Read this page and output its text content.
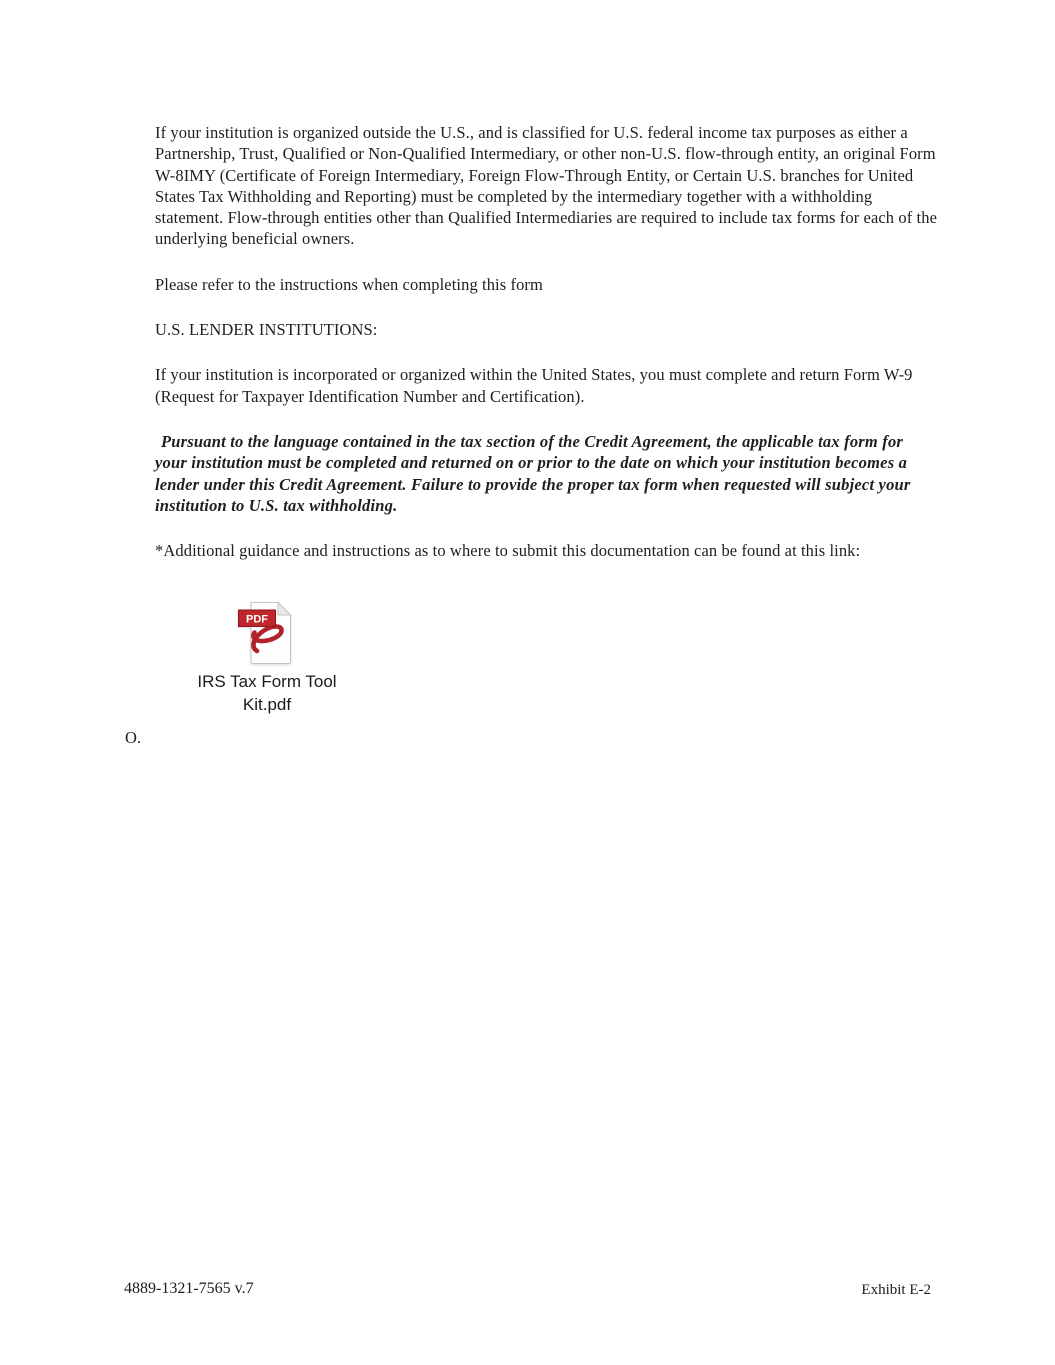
If your institution is organized outside the U.S., and is classified for U.S. federal income tax purposes as either a Partnership, Trust, Qualified or Non-Qualified Intermediary, or other non-U.S. flow-through entity, an original Form W-8IMY (Certificate of Foreign Intermediary, Foreign Flow-Through Entity, or Certain U.S. branches for United States Tax Withholding and Reporting) must be completed by the intermediary together with a withholding statement. Flow-through entities other than Qualified Intermediaries are required to include tax forms for each of the underlying beneficial owners.

Please refer to the instructions when completing this form

U.S. LENDER INSTITUTIONS:

If your institution is incorporated or organized within the United States, you must complete and return Form W-9 (Request for Taxpayer Identification Number and Certification).

Pursuant to the language contained in the tax section of the Credit Agreement, the applicable tax form for your institution must be completed and returned on or prior to the date on which your institution becomes a lender under this Credit Agreement. Failure to provide the proper tax form when requested will subject your institution to U.S. tax withholding.

*Additional guidance and instructions as to where to submit this documentation can be found at this link:

PDF
IRS Tax Form Tool
Kit.pdf
O.
4889-1321-7565 v.7	Exhibit E-2
